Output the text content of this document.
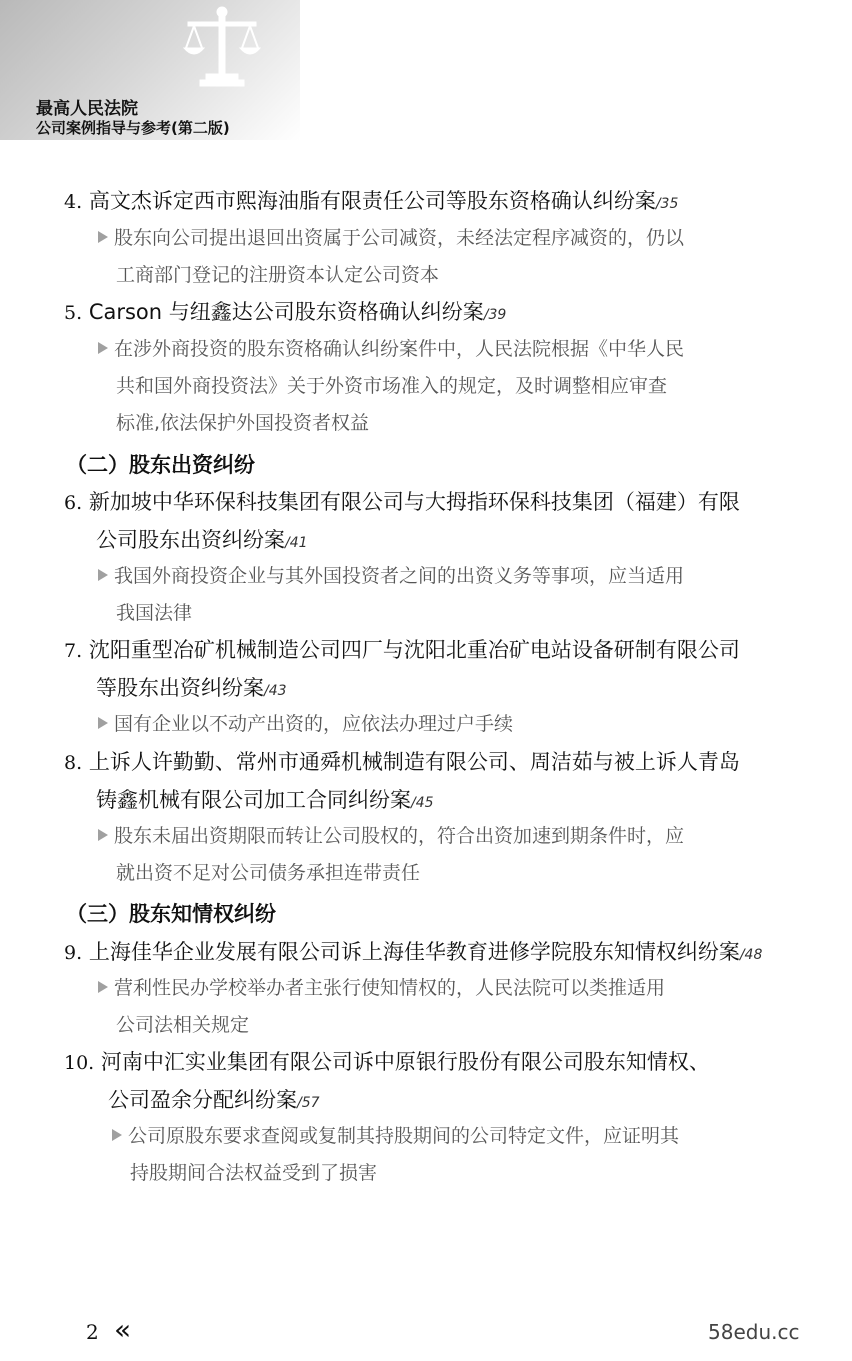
最高人民法院
公司案例指导与参考(第二版)
4. 高文杰诉定西市熙海油脂有限责任公司等股东资格确认纠纷案/35
股东向公司提出退回出资属于公司减资，未经法定程序减资的，仍以
工商部门登记的注册资本认定公司资本
5. Carson 与纽鑫达公司股东资格确认纠纷案/39
在涉外商投资的股东资格确认纠纷案件中，人民法院根据《中华人民
共和国外商投资法》关于外资市场准入的规定，及时调整相应审查
标准,依法保护外国投资者权益
（二）股东出资纠纷
6. 新加坡中华环保科技集团有限公司与大拇指环保科技集团（福建）有限
公司股东出资纠纷案/41
我国外商投资企业与其外国投资者之间的出资义务等事项，应当适用
我国法律
7. 沈阳重型冶矿机械制造公司四厂与沈阳北重冶矿电站设备研制有限公司
等股东出资纠纷案/43
国有企业以不动产出资的，应依法办理过户手续
8. 上诉人许勤勤、常州市通舜机械制造有限公司、周洁茹与被上诉人青岛
铸鑫机械有限公司加工合同纠纷案/45
股东未届出资期限而转让公司股权的，符合出资加速到期条件时，应
就出资不足对公司债务承担连带责任
（三）股东知情权纠纷
9. 上海佳华企业发展有限公司诉上海佳华教育进修学院股东知情权纠纷案/48
营利性民办学校举办者主张行使知情权的，人民法院可以类推适用
公司法相关规定
10. 河南中汇实业集团有限公司诉中原银行股份有限公司股东知情权、
公司盈余分配纠纷案/57
公司原股东要求查阅或复制其持股期间的公司特定文件，应证明其
持股期间合法权益受到了损害
2 «	58edu.cc
